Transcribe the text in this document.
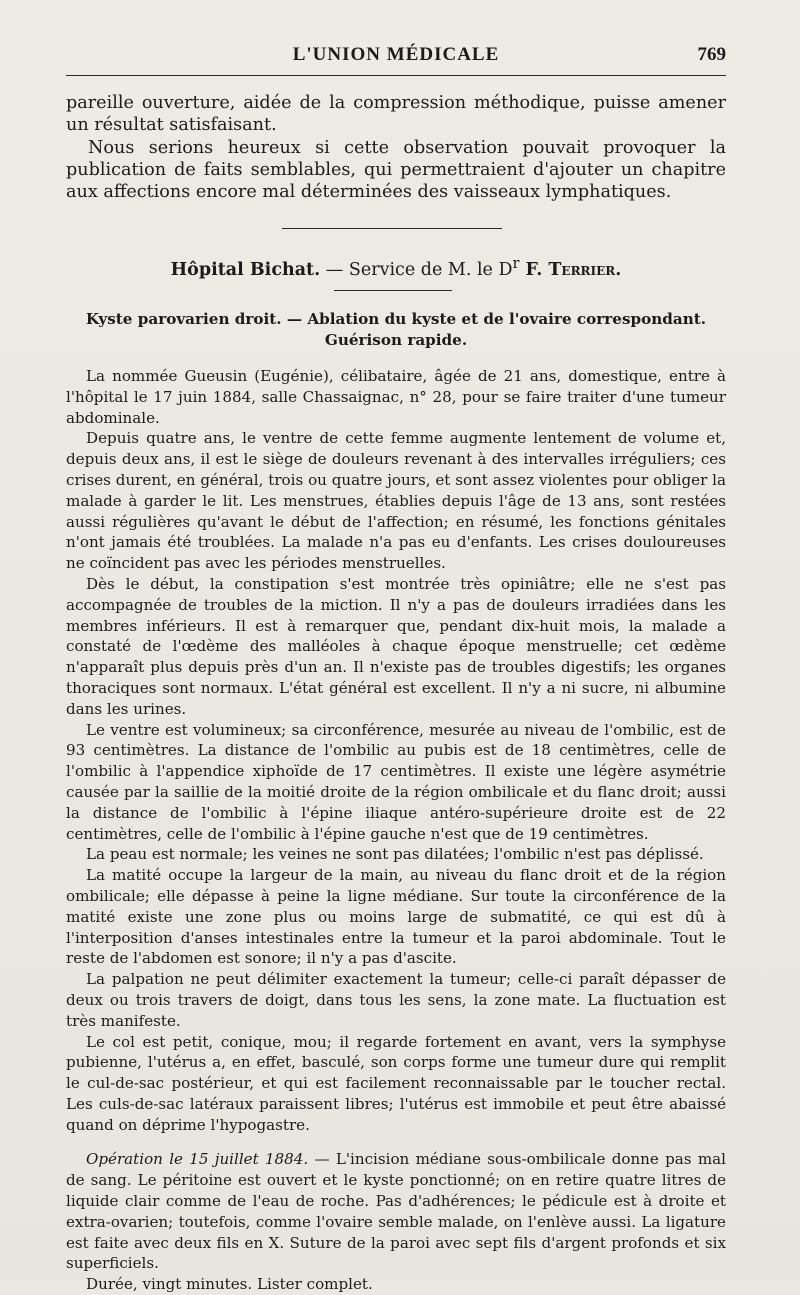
L'UNION MÉDICALE	769

pareille ouverture, aidée de la compression méthodique, puisse amener un résultat satisfaisant.

Nous serions heureux si cette observation pouvait provoquer la publication de faits semblables, qui permettraient d'ajouter un chapitre aux affections encore mal déterminées des vaisseaux lymphatiques.

Hôpital Bichat. — Service de M. le $D^r$ F. Terrier.
Kyste parovarien droit. — Ablation du kyste et de l'ovaire correspondant.
Guérison rapide.

La nommée Gueusin (Eugénie), célibataire, âgée de 21 ans, domestique, entre à l'hôpital le 17 juin 1884, salle Chassaignac, n° 28, pour se faire traiter d'une tumeur abdominale.

Depuis quatre ans, le ventre de cette femme augmente lentement de volume et, depuis deux ans, il est le siège de douleurs revenant à des intervalles irréguliers; ces crises durent, en général, trois ou quatre jours, et sont assez violentes pour obliger la malade à garder le lit. Les menstrues, établies depuis l'âge de 13 ans, sont restées aussi régulières qu'avant le début de l'affection; en résumé, les fonctions génitales n'ont jamais été troublées. La malade n'a pas eu d'enfants. Les crises douloureuses ne coïncident pas avec les périodes menstruelles.

Dès le début, la constipation s'est montrée très opiniâtre; elle ne s'est pas accompagnée de troubles de la miction. Il n'y a pas de douleurs irradiées dans les membres inférieurs. Il est à remarquer que, pendant dix-huit mois, la malade a constaté de l'œdème des malléoles à chaque époque menstruelle; cet œdème n'apparaît plus depuis près d'un an. Il n'existe pas de troubles digestifs; les organes thoraciques sont normaux. L'état général est excellent. Il n'y a ni sucre, ni albumine dans les urines.

Le ventre est volumineux; sa circonférence, mesurée au niveau de l'ombilic, est de 93 centimètres. La distance de l'ombilic au pubis est de 18 centimètres, celle de l'ombilic à l'appendice xiphoïde de 17 centimètres. Il existe une légère asymétrie causée par la saillie de la moitié droite de la région ombilicale et du flanc droit; aussi la distance de l'ombilic à l'épine iliaque antéro-supérieure droite est de 22 centimètres, celle de l'ombilic à l'épine gauche n'est que de 19 centimètres.

La peau est normale; les veines ne sont pas dilatées; l'ombilic n'est pas déplissé.

La matité occupe la largeur de la main, au niveau du flanc droit et de la région ombilicale; elle dépasse à peine la ligne médiane. Sur toute la circonférence de la matité existe une zone plus ou moins large de submatité, ce qui est dû à l'interposition d'anses intestinales entre la tumeur et la paroi abdominale. Tout le reste de l'abdomen est sonore; il n'y a pas d'ascite.

La palpation ne peut délimiter exactement la tumeur; celle-ci paraît dépasser de deux ou trois travers de doigt, dans tous les sens, la zone mate. La fluctuation est très manifeste.

Le col est petit, conique, mou; il regarde fortement en avant, vers la symphyse pubienne, l'utérus a, en effet, basculé, son corps forme une tumeur dure qui remplit le cul-de-sac postérieur, et qui est facilement reconnaissable par le toucher rectal. Les culs-de-sac latéraux paraissent libres; l'utérus est immobile et peut être abaissé quand on déprime l'hypogastre.

Opération le 15 juillet 1884. — L'incision médiane sous-ombilicale donne pas mal de sang. Le péritoine est ouvert et le kyste ponctionné; on en retire quatre litres de liquide clair comme de l'eau de roche. Pas d'adhérences; le pédicule est à droite et extra-ovarien; toutefois, comme l'ovaire semble malade, on l'enlève aussi. La ligature est faite avec deux fils en X. Suture de la paroi avec sept fils d'argent profonds et six superficiels.

Durée, vingt minutes. Lister complet.
